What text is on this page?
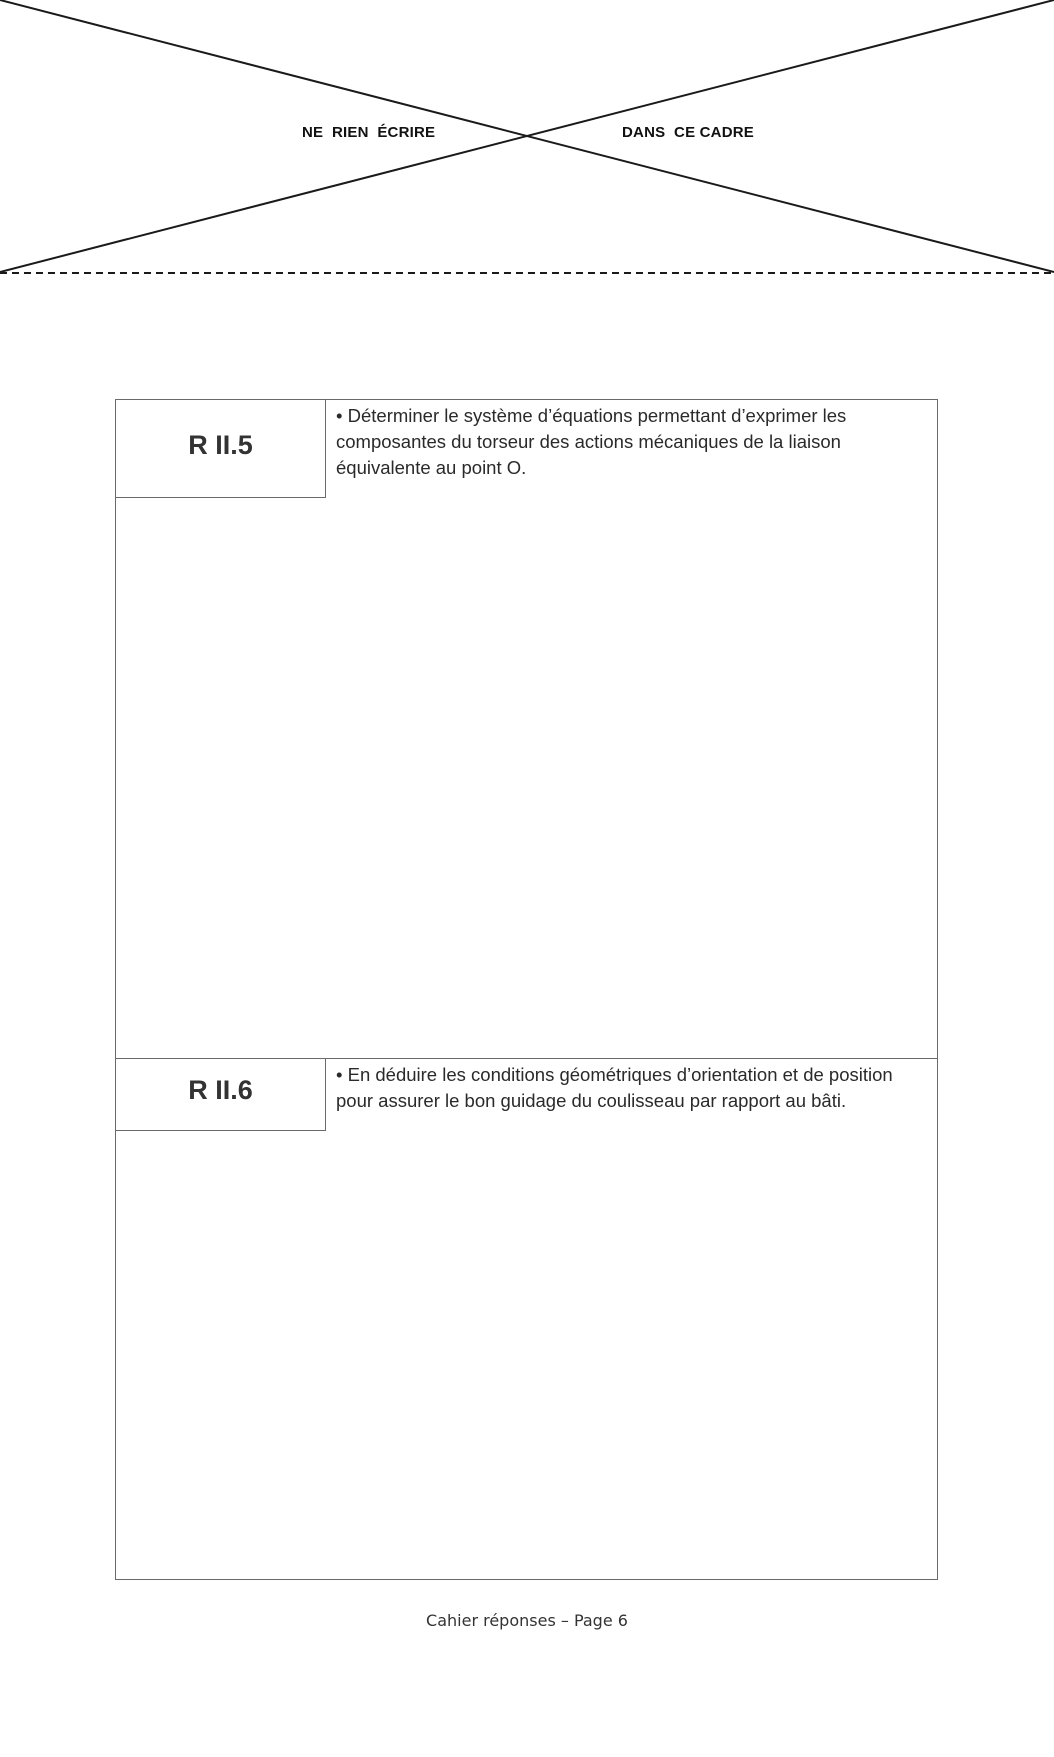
NE  RIEN  ÉCRIRE	DANS  CE CADRE
R II.5
• Déterminer le système d’équations permettant d’exprimer les composantes du torseur des actions mécaniques de la liaison équivalente au point O.
R II.6
• En déduire les conditions géométriques d’orientation et de position pour assurer le bon guidage du coulisseau par rapport au bâti.
Cahier réponses – Page 6
